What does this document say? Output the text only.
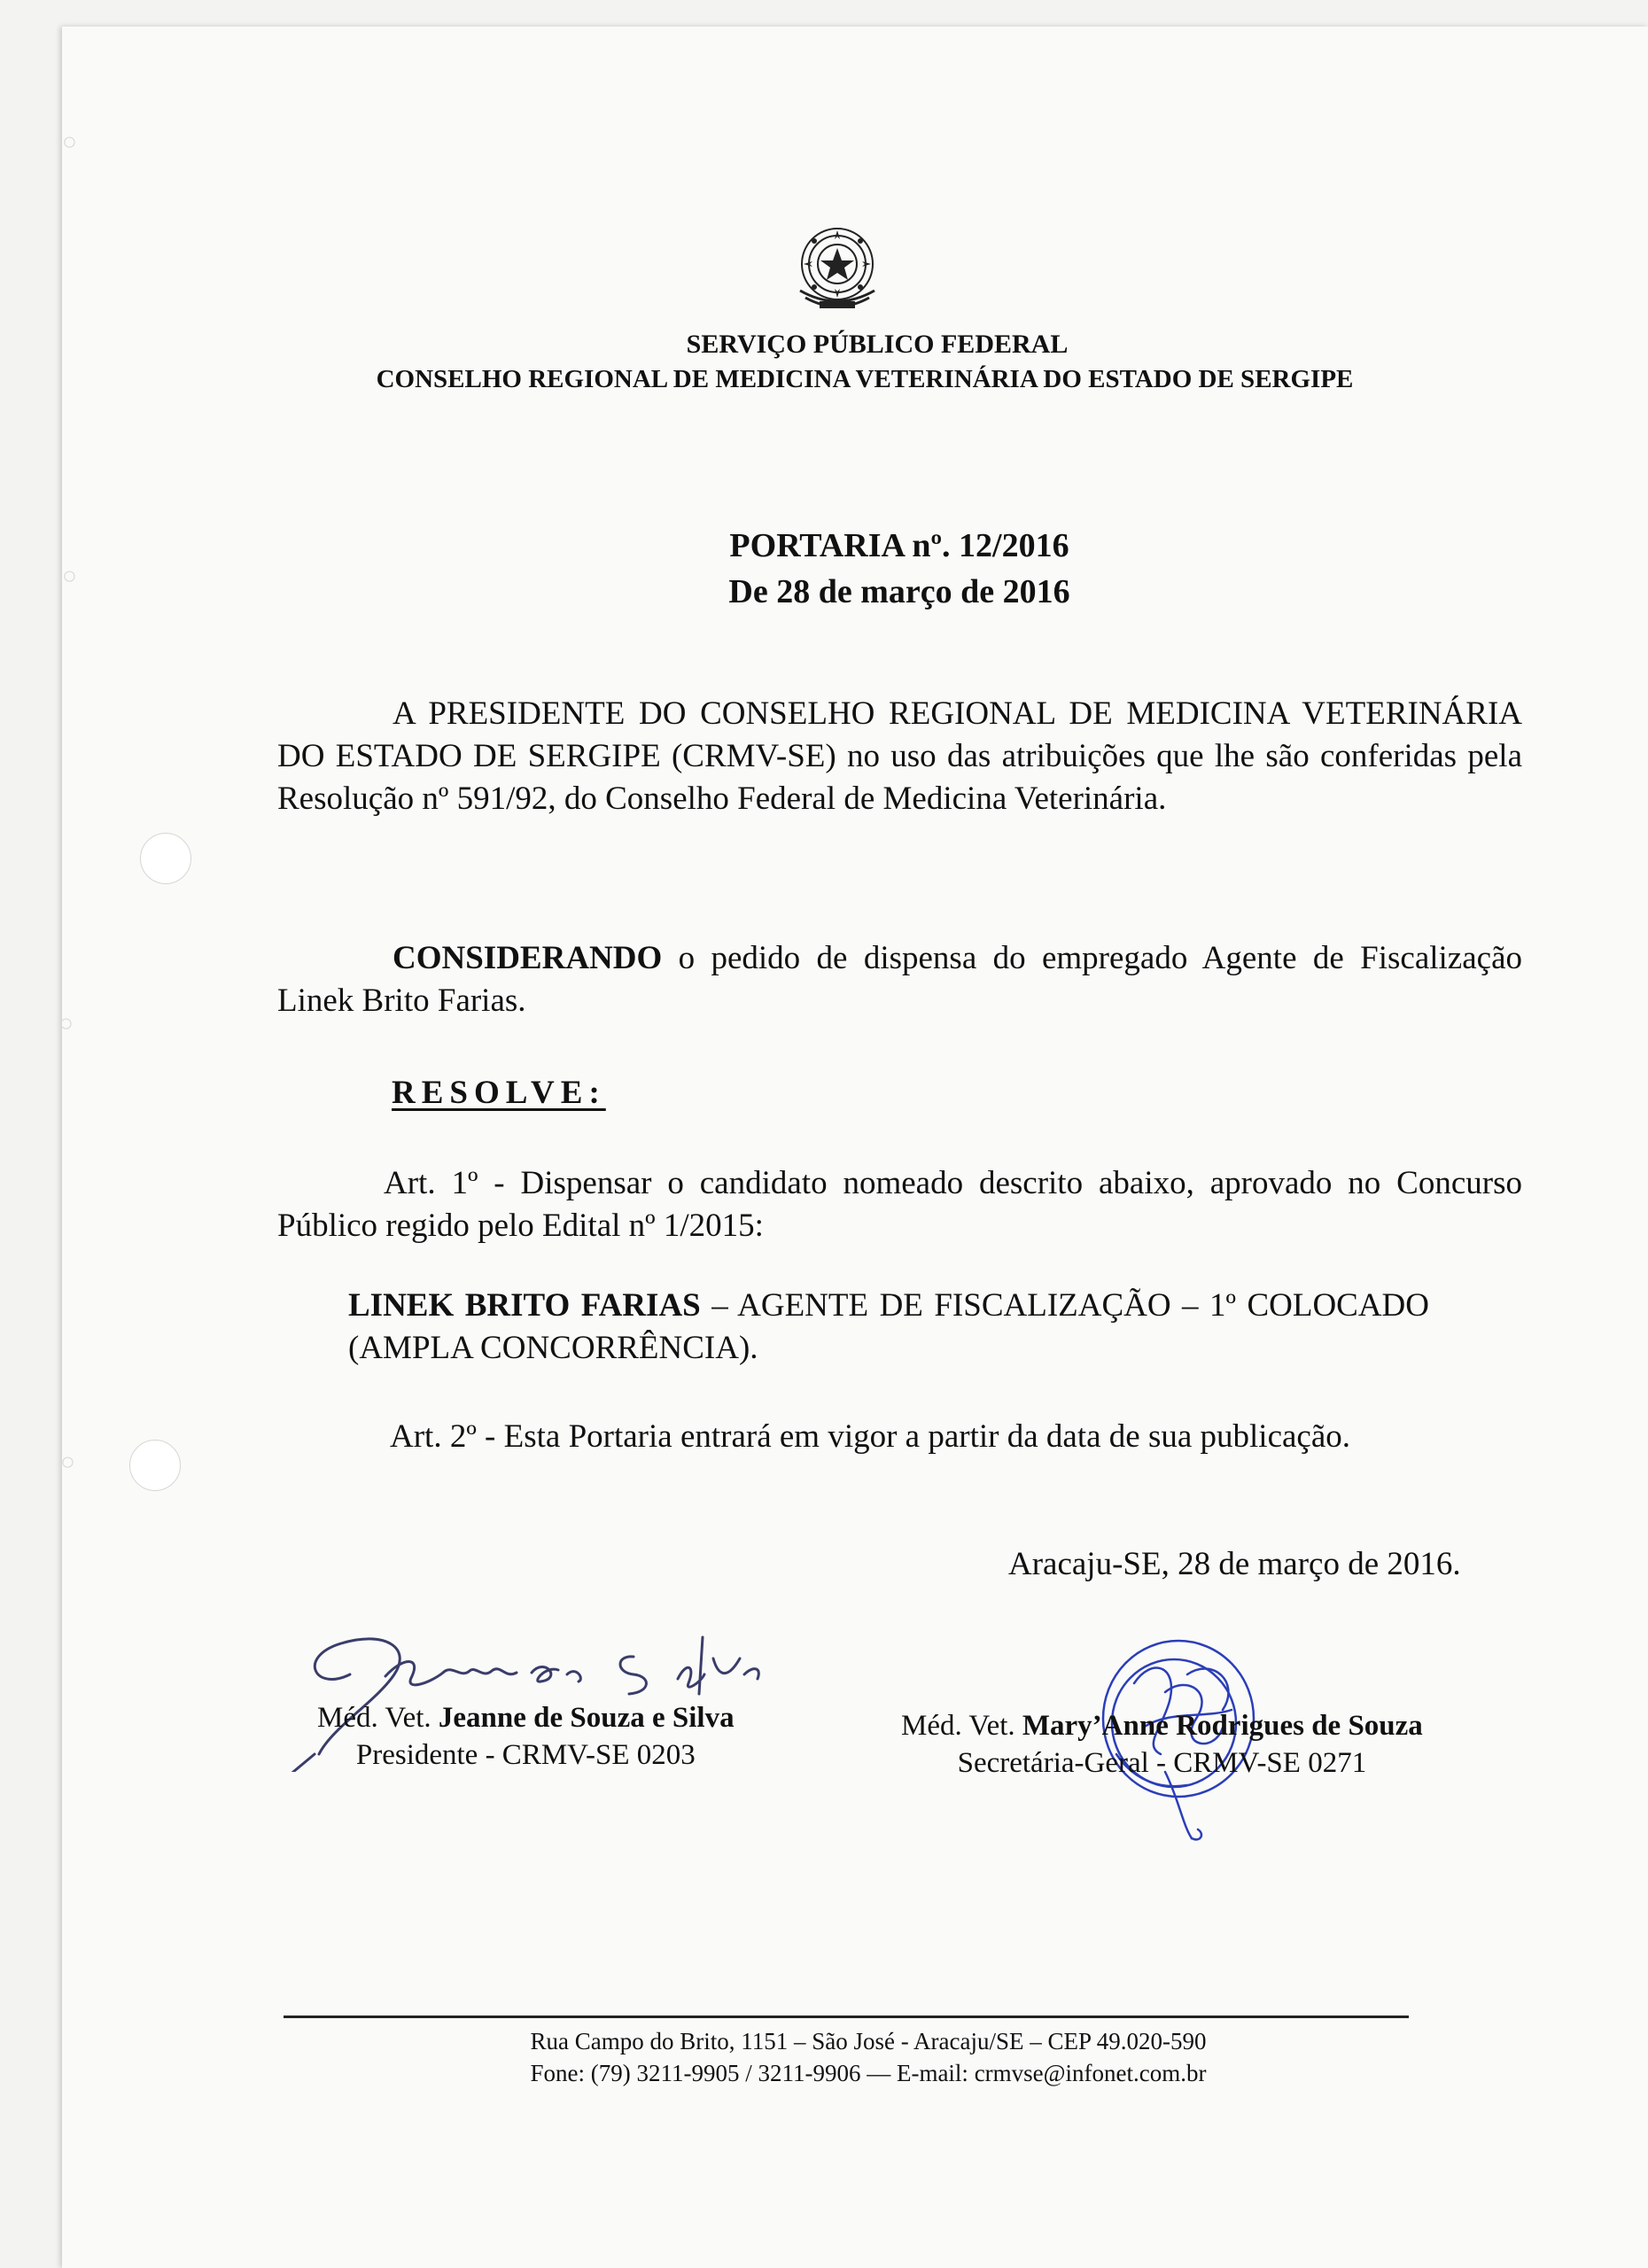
○
○
○
○
SERVIÇO PÚBLICO FEDERAL
CONSELHO REGIONAL DE MEDICINA VETERINÁRIA DO ESTADO DE SERGIPE
PORTARIA nº. 12/2016
De 28 de março de 2016
A PRESIDENTE DO CONSELHO REGIONAL DE MEDICINA VETERINÁRIA DO ESTADO DE SERGIPE (CRMV-SE) no uso das atribuições que lhe são conferidas pela Resolução nº 591/92, do Conselho Federal de Medicina Veterinária.
CONSIDERANDO o pedido de dispensa do empregado Agente de Fiscalização Linek Brito Farias.
RESOLVE:
Art. 1º - Dispensar o candidato nomeado descrito abaixo, aprovado no Concurso Público regido pelo Edital nº 1/2015:
LINEK BRITO FARIAS – AGENTE DE FISCALIZAÇÃO – 1º COLOCADO (AMPLA CONCORRÊNCIA).
Art. 2º - Esta Portaria entrará em vigor a partir da data de sua publicação.
Aracaju-SE, 28 de março de 2016.
Méd. Vet. Jeanne de Souza e Silva
Presidente - CRMV-SE 0203
Méd. Vet. Mary’Anne Rodrigues de Souza
Secretária-Geral - CRMV-SE 0271
Rua Campo do Brito, 1151 – São José - Aracaju/SE – CEP 49.020-590
Fone: (79) 3211-9905 / 3211-9906 — E-mail: crmvse@infonet.com.br
